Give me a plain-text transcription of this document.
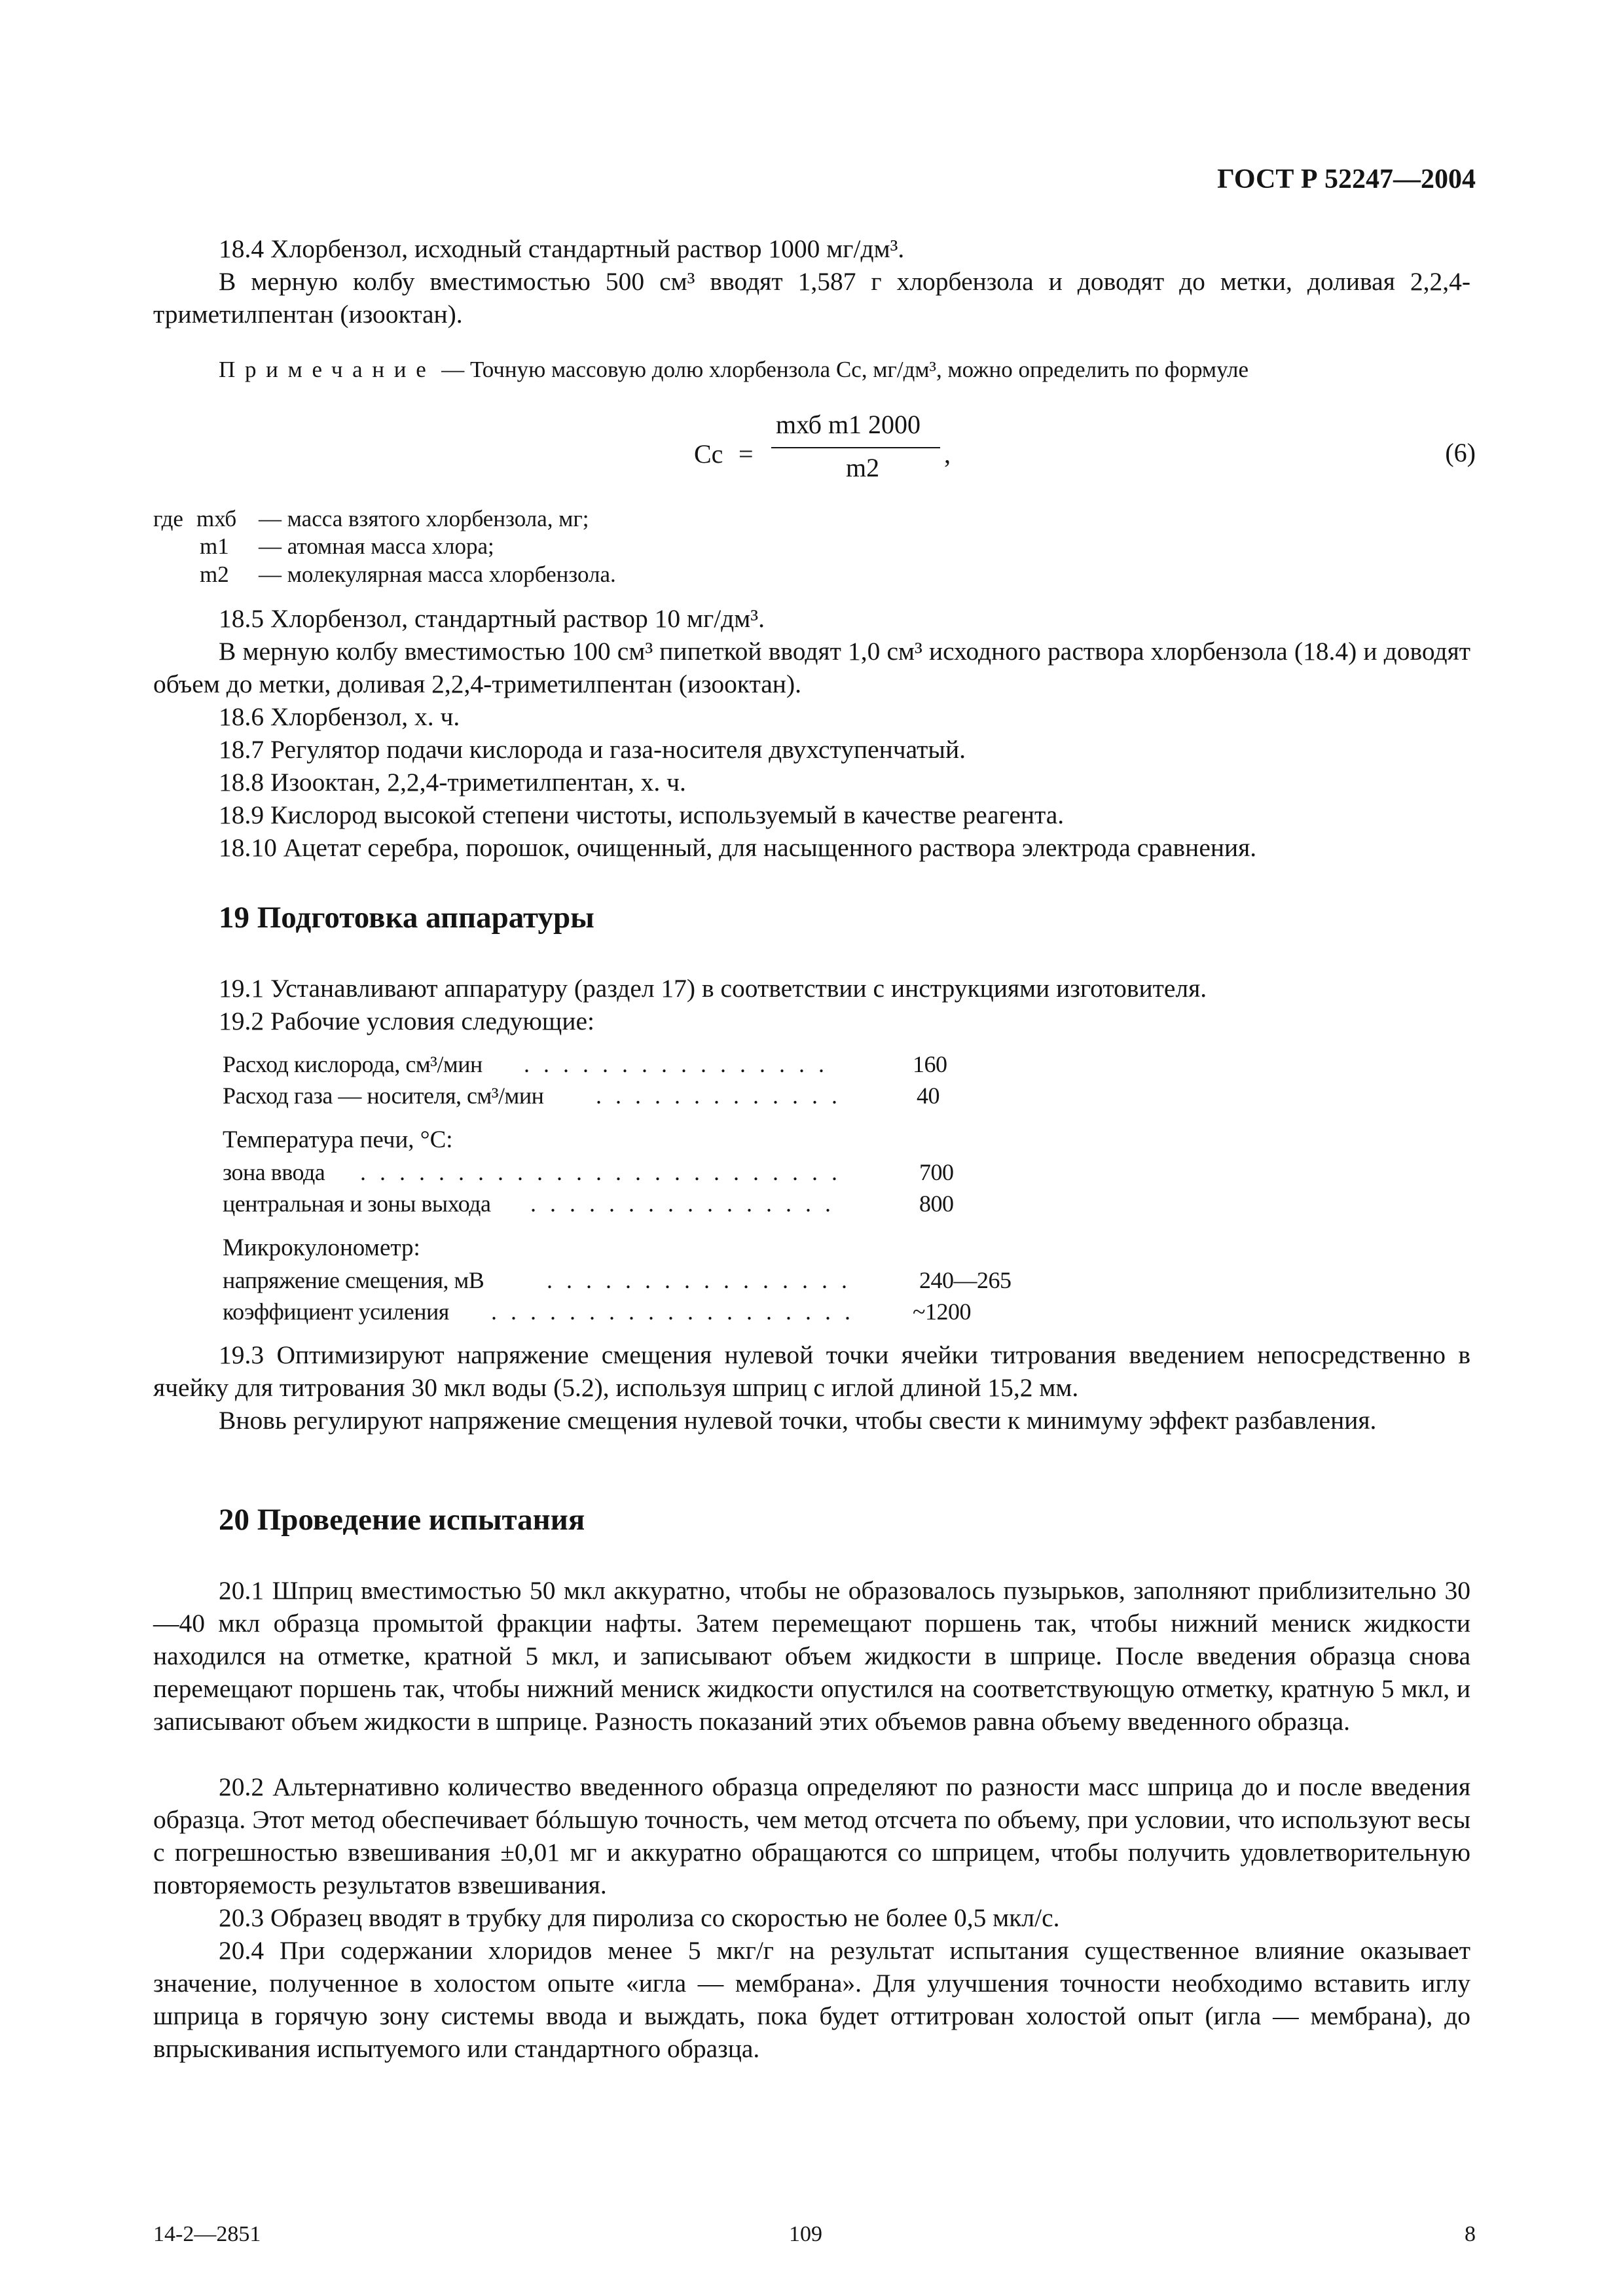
ГОСТ Р 52247—2004
18.4 Хлорбензол, исходный стандартный раствор 1000 мг/дм³.
В мерную колбу вместимостью 500 см³ вводят 1,587 г хлорбензола и доводят до метки, доливая 2,2,4-триметилпентан (изооктан).
Примечание — Точную массовую долю хлорбензола Cc, мг/дм³, можно определить по формуле
Cc =
mхб m1 2000
m2 ,	(6)
где mхб — масса взятого хлорбензола, мг;
m1 — атомная масса хлора;
m2 — молекулярная масса хлорбензола.
18.5 Хлорбензол, стандартный раствор 10 мг/дм³.
В мерную колбу вместимостью 100 см³ пипеткой вводят 1,0 см³ исходного раствора хлорбензола (18.4) и доводят объем до метки, доливая 2,2,4-триметилпентан (изооктан).
18.6 Хлорбензол, х. ч.
18.7 Регулятор подачи кислорода и газа-носителя двухступенчатый.
18.8 Изооктан, 2,2,4-триметилпентан, х. ч.
18.9 Кислород высокой степени чистоты, используемый в качестве реагента.
18.10 Ацетат серебра, порошок, очищенный, для насыщенного раствора электрода сравнения.
19 Подготовка аппаратуры
19.1 Устанавливают аппаратуру (раздел 17) в соответствии с инструкциями изготовителя.
19.2 Рабочие условия следующие:
Расход кислорода, см³/мин . . . . . . . . . . . . . . . .	160
Расход газа — носителя, см³/мин . . . . . . . . . . . . .	40
Температура печи, °С:
зона ввода . . . . . . . . . . . . . . . . . . . . . . . . .	700
центральная и зоны выхода . . . . . . . . . . . . . . . .	800
Микрокулонометр:
напряжение смещения, мВ	. . . . . . . . . . . . . . . .	240—265
коэффициент усиления . . . . . . . . . . . . . . . . . . . ~1200
19.3 Оптимизируют напряжение смещения нулевой точки ячейки титрования введением непосредственно в ячейку для титрования 30 мкл воды (5.2), используя шприц с иглой длиной 15,2 мм.
Вновь регулируют напряжение смещения нулевой точки, чтобы свести к минимуму эффект разбавления.
20 Проведение испытания
20.1 Шприц вместимостью 50 мкл аккуратно, чтобы не образовалось пузырьков, заполняют приблизительно 30—40 мкл образца промытой фракции нафты. Затем перемещают поршень так, чтобы нижний мениск жидкости находился на отметке, кратной 5 мкл, и записывают объем жидкости в шприце. После введения образца снова перемещают поршень так, чтобы нижний мениск жидкости опустился на соответствующую отметку, кратную 5 мкл, и записывают объем жидкости в шприце. Разность показаний этих объемов равна объему введенного образца.
20.2 Альтернативно количество введенного образца определяют по разности масс шприца до и после введения образца. Этот метод обеспечивает бóльшую точность, чем метод отсчета по объему, при условии, что используют весы с погрешностью взвешивания ±0,01 мг и аккуратно обращаются со шприцем, чтобы получить удовлетворительную повторяемость результатов взвешивания.
20.3 Образец вводят в трубку для пиролиза со скоростью не более 0,5 мкл/с.
20.4 При содержании хлоридов менее 5 мкг/г на результат испытания существенное влияние оказывает значение, полученное в холостом опыте «игла — мембрана». Для улучшения точности необходимо вставить иглу шприца в горячую зону системы ввода и выждать, пока будет оттитрован холостой опыт (игла — мембрана), до впрыскивания испытуемого или стандартного образца.
14-2—2851	109	8
